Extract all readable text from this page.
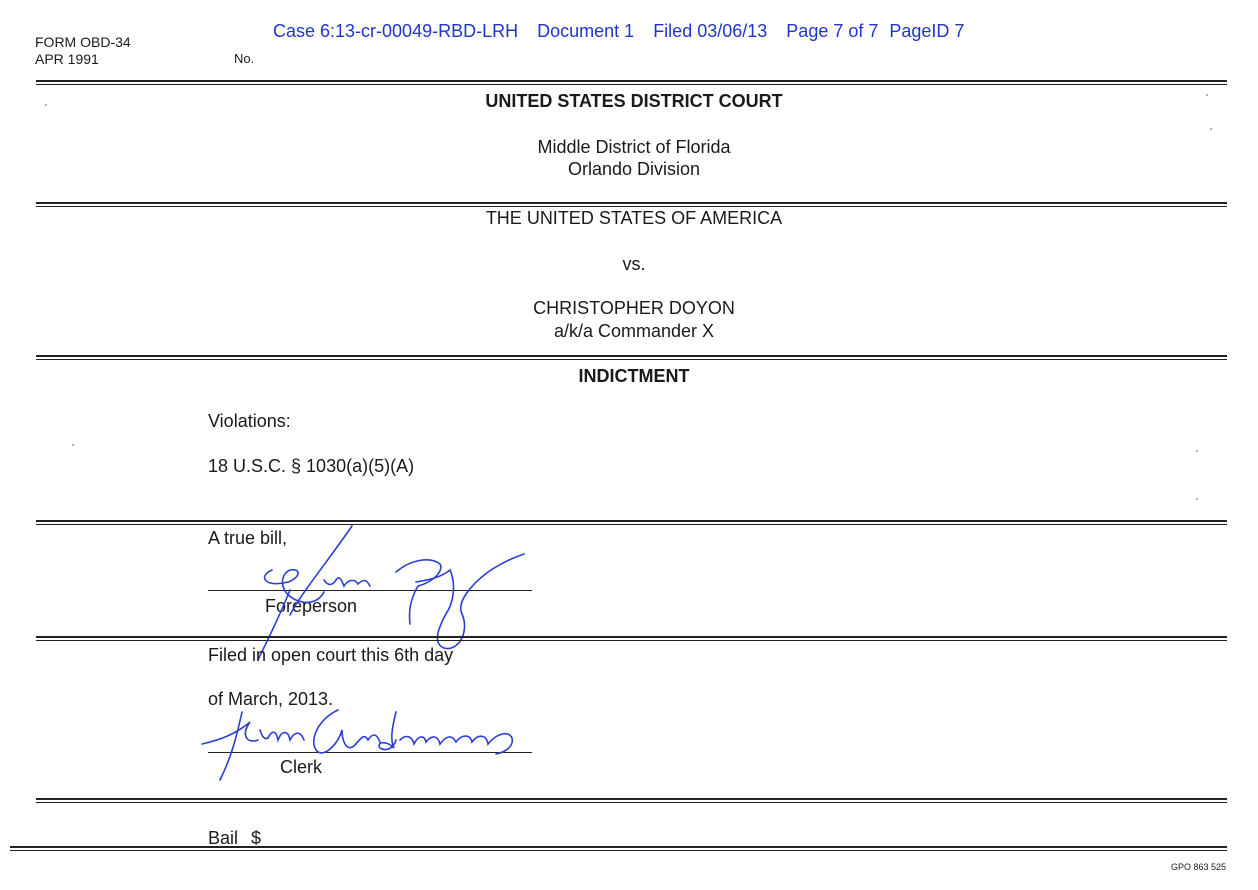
Case 6:13-cr-00049-RBD-LRH Document 1 Filed 03/06/13 Page 7 of 7 PageID 7
FORM OBD-34
APR 1991	No.
UNITED STATES DISTRICT COURT
Middle District of Florida
Orlando Division
THE UNITED STATES OF AMERICA
vs.
CHRISTOPHER DOYON
a/k/a Commander X
INDICTMENT
Violations:
18 U.S.C. § 1030(a)(5)(A)
A true bill,
Foreperson
Filed in open court this 6th day
of March, 2013.
Clerk
Bail $
GPO 863 525
